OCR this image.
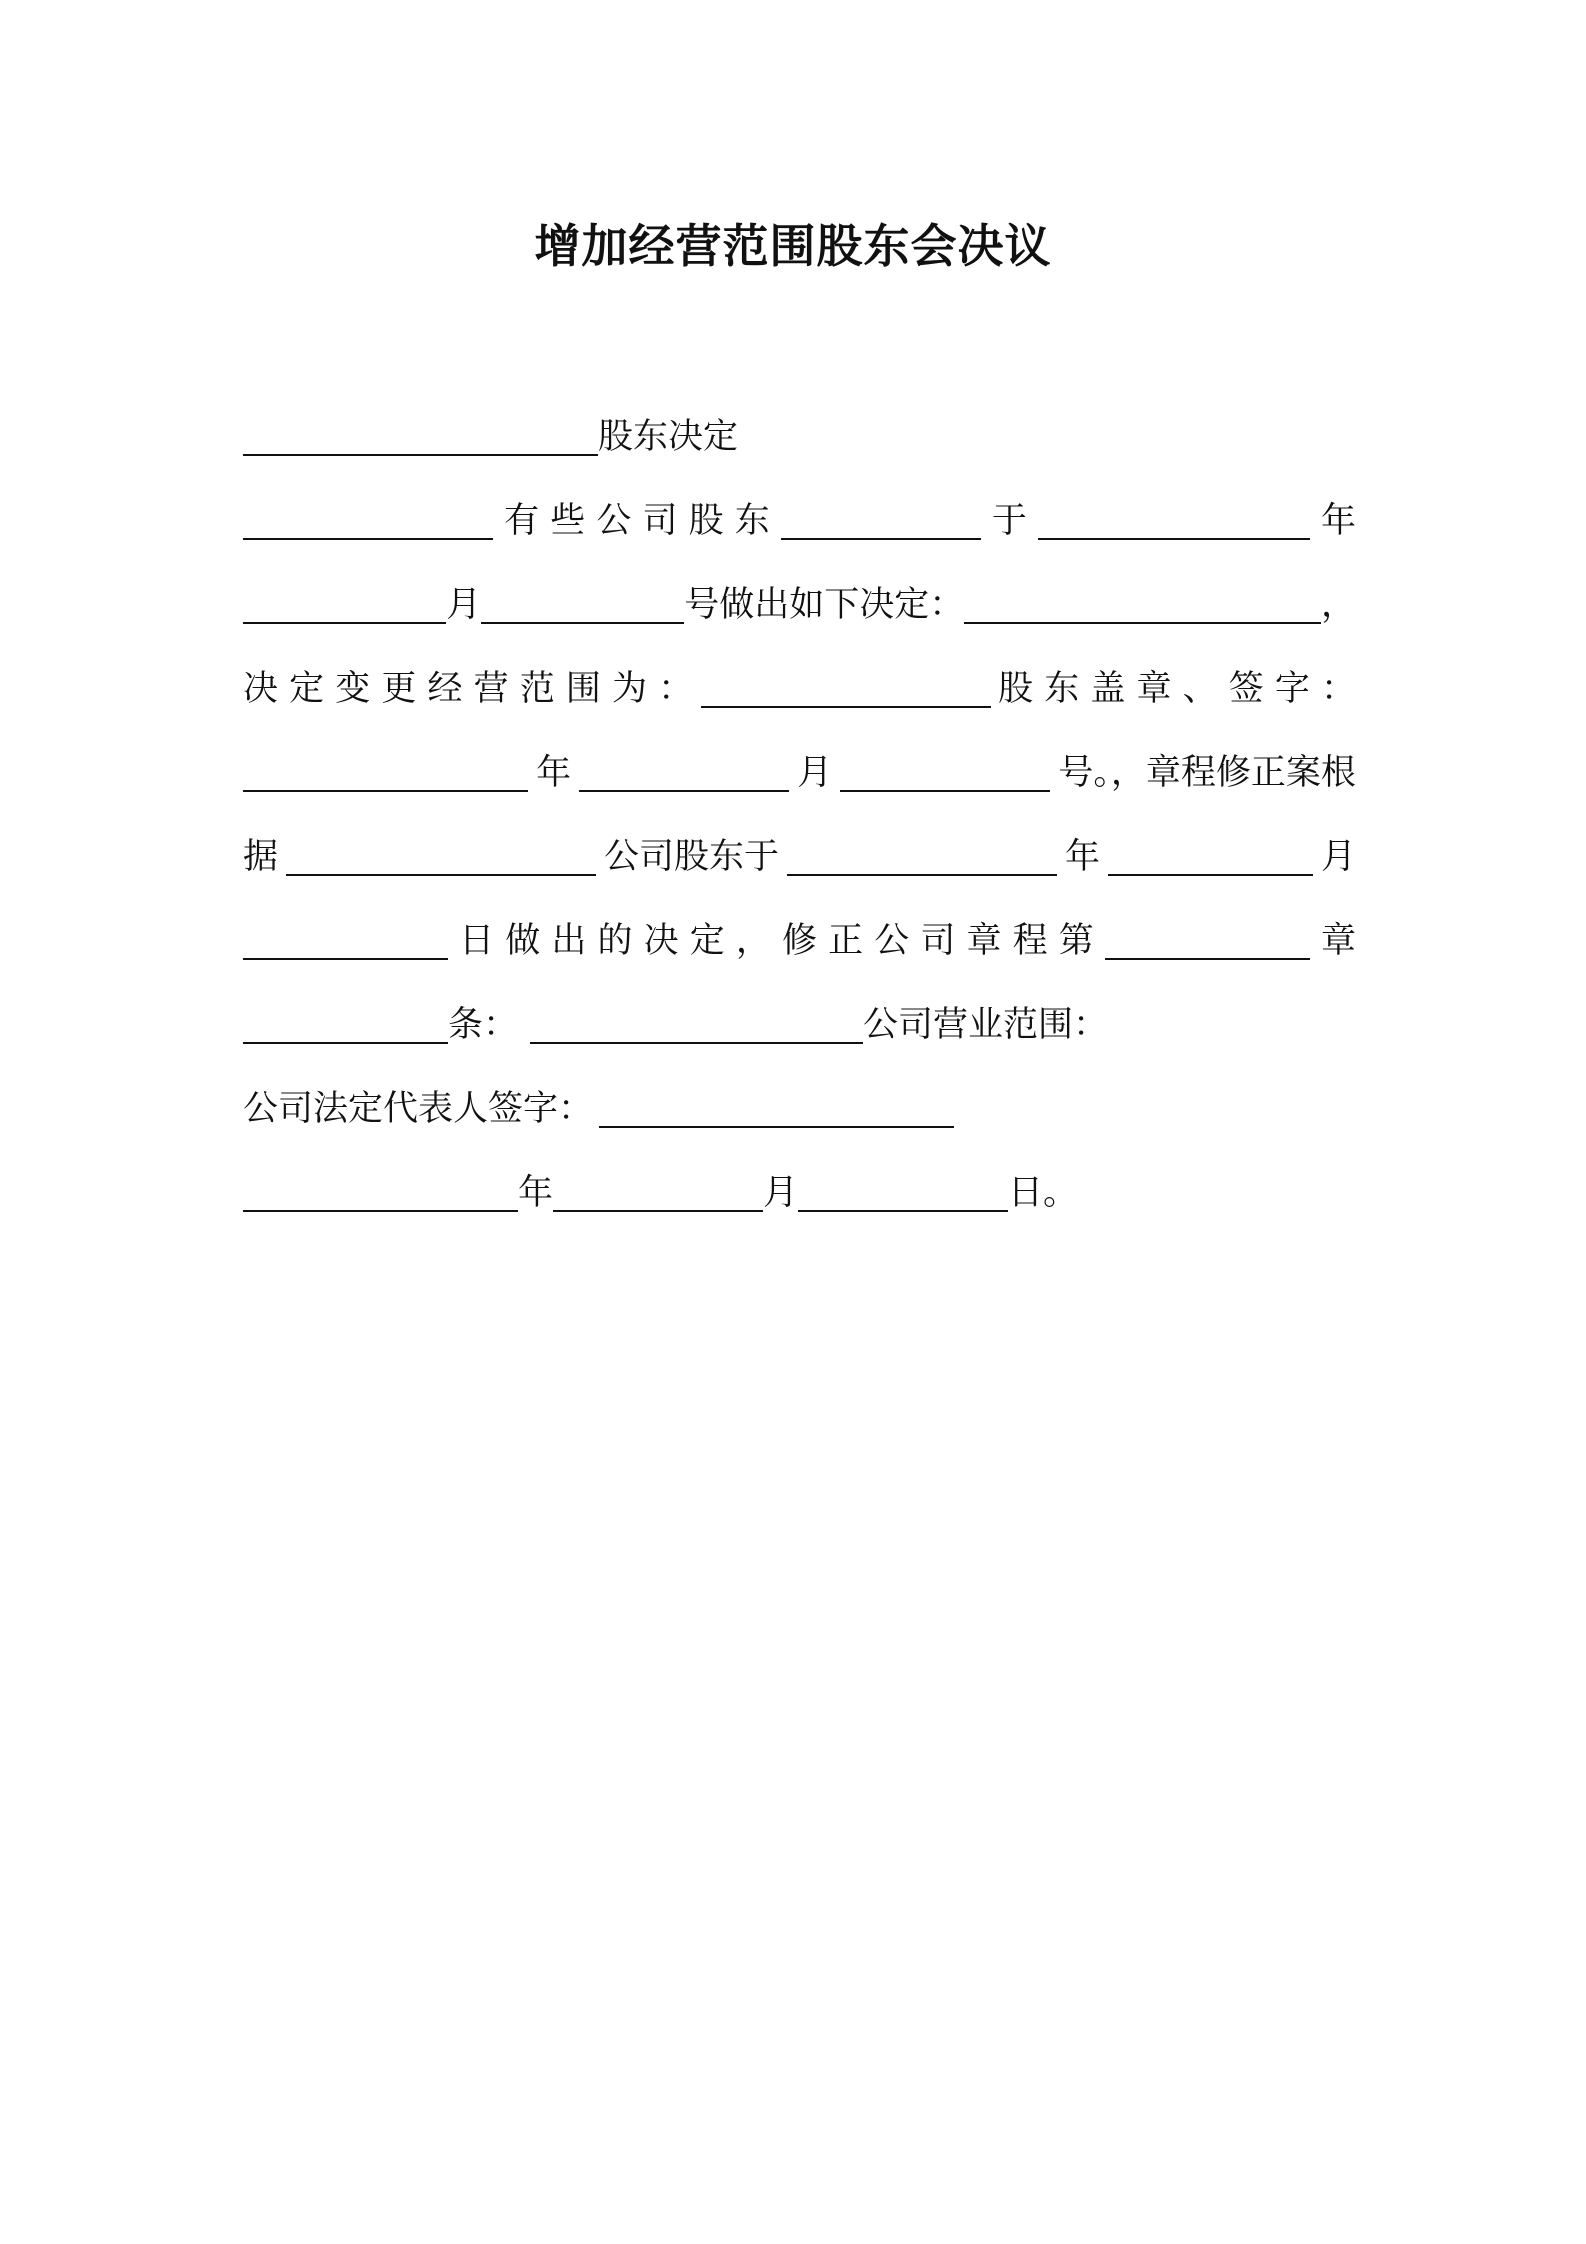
增加经营范围股东会决议
股东决定
有 些 公 司 股 东	于	年
月	号做出如下决定：	，
决 定 变 更 经 营 范 围 为 ：	股 东 盖 章 、 签 字 ：
年	月	号。，章程修正案根
据	公司股东于	年	月
日 做 出 的 决 定 ， 修 正 公 司 章 程 第	章
条：	公司营业范围：
公司法定代表人签字：
年	月	日。
